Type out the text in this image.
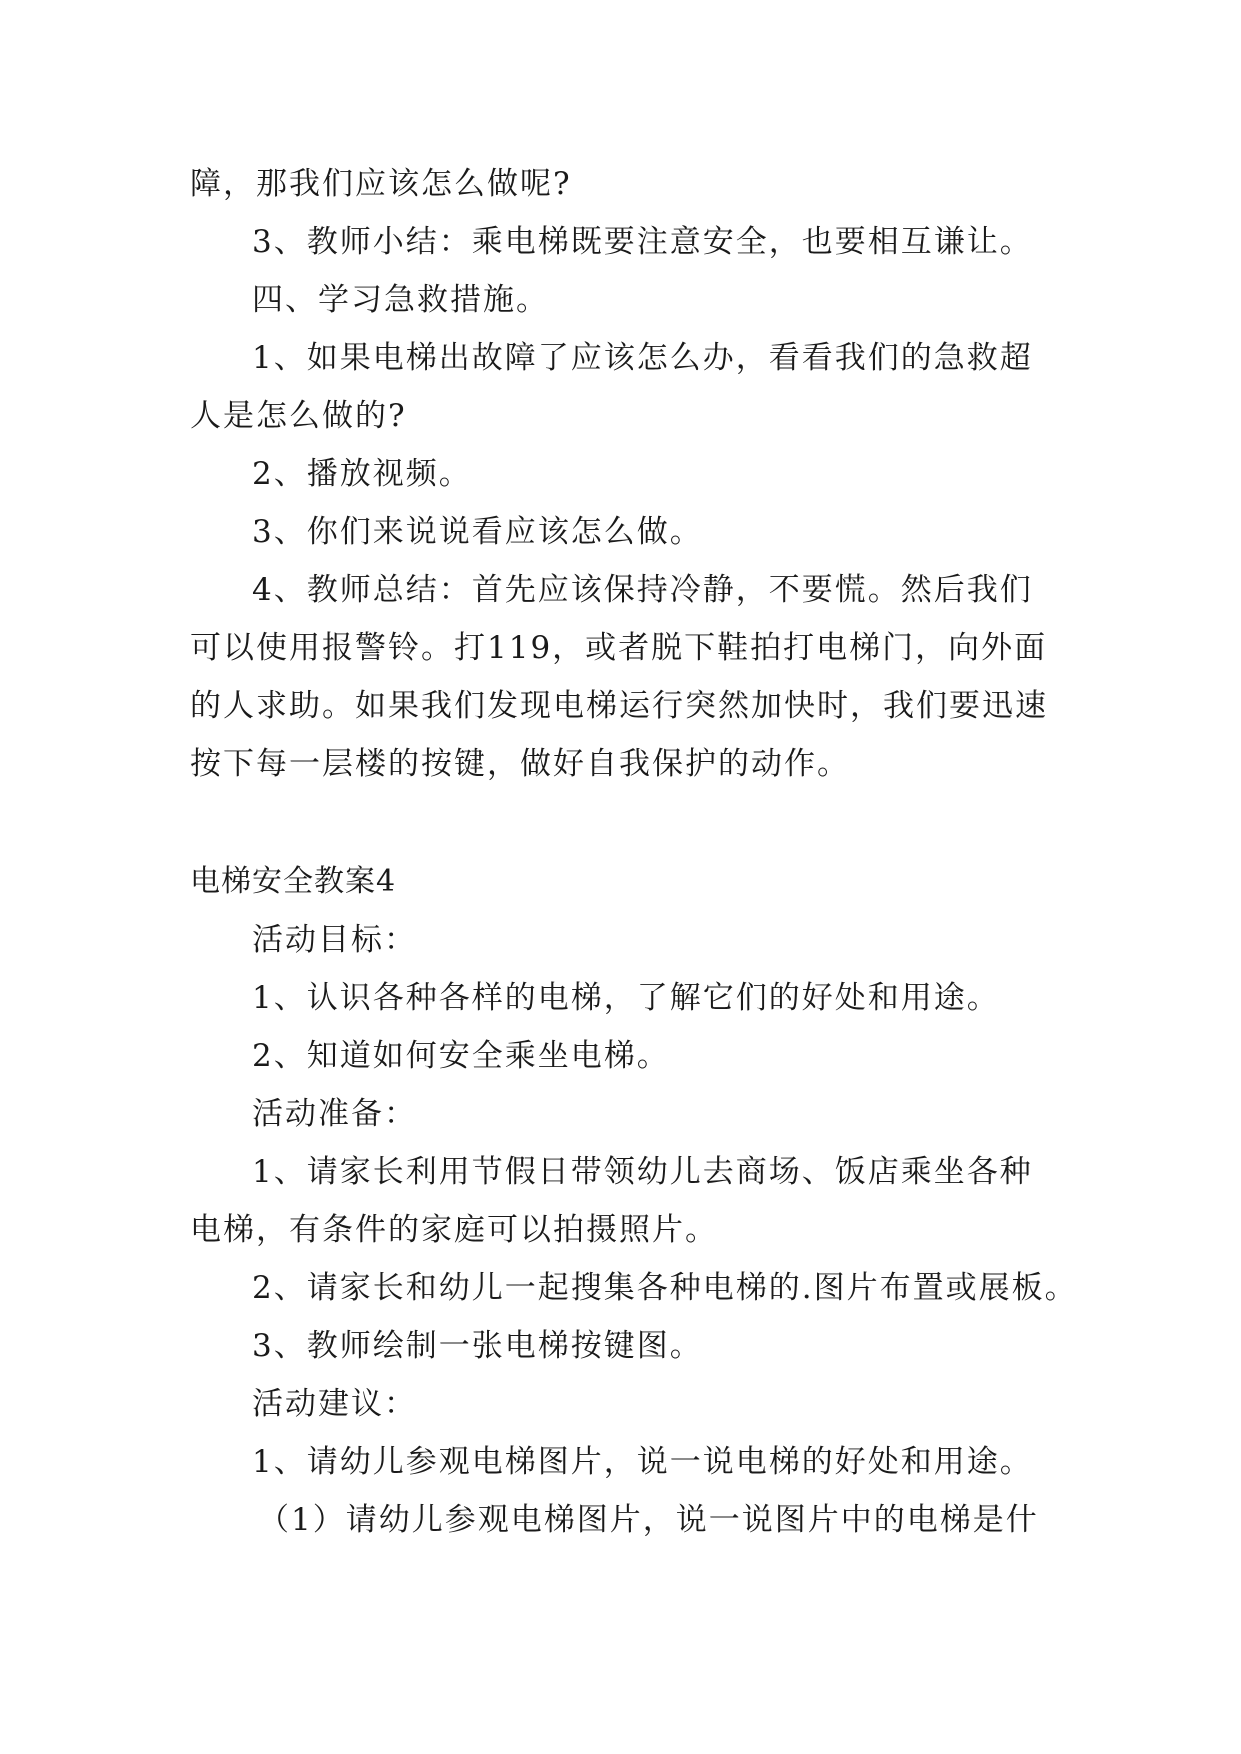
障，那我们应该怎么做呢?
3、教师小结：乘电梯既要注意安全，也要相互谦让。
四、学习急救措施。
1、如果电梯出故障了应该怎么办，看看我们的急救超
人是怎么做的?
2、播放视频。
3、你们来说说看应该怎么做。
4、教师总结：首先应该保持冷静，不要慌。然后我们
可以使用报警铃。打119，或者脱下鞋拍打电梯门，向外面
的人求助。如果我们发现电梯运行突然加快时，我们要迅速
按下每一层楼的按键，做好自我保护的动作。
电梯安全教案4
活动目标：
1、认识各种各样的电梯，了解它们的好处和用途。
2、知道如何安全乘坐电梯。
活动准备：
1、请家长利用节假日带领幼儿去商场、饭店乘坐各种
电梯，有条件的家庭可以拍摄照片。
2、请家长和幼儿一起搜集各种电梯的.图片布置或展板。
3、教师绘制一张电梯按键图。
活动建议：
1、请幼儿参观电梯图片，说一说电梯的好处和用途。
（1）请幼儿参观电梯图片，说一说图片中的电梯是什
